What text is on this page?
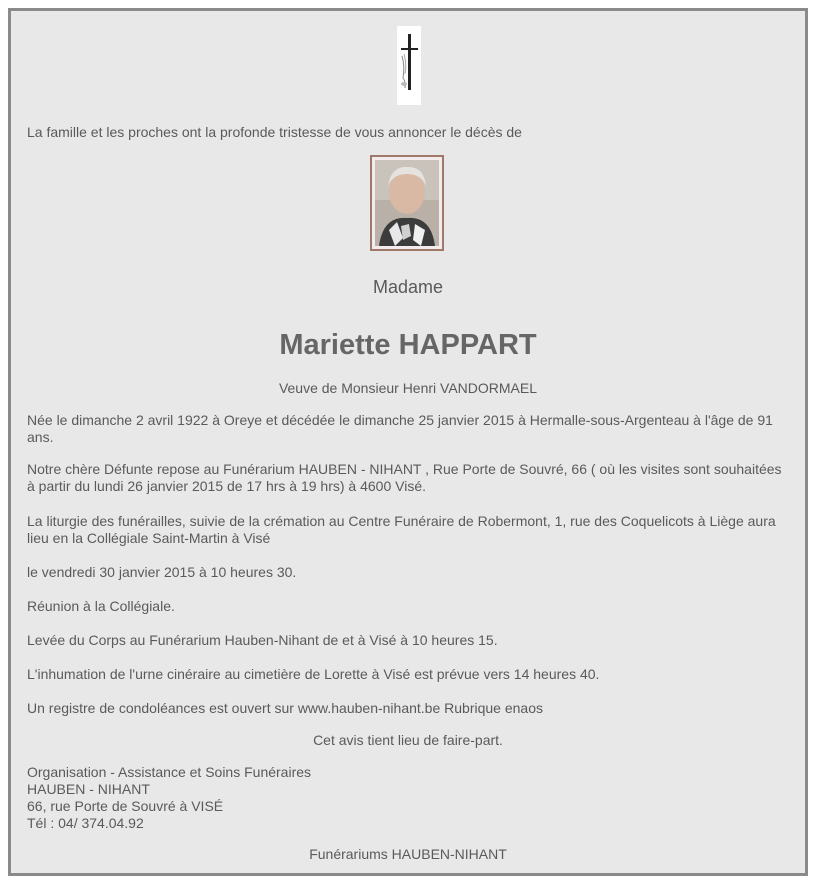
La famille et les proches ont la profonde tristesse de vous annoncer le décès de
Madame
Mariette HAPPART
Veuve de Monsieur Henri VANDORMAEL
Née le dimanche 2 avril 1922 à Oreye et décédée le dimanche 25 janvier 2015 à Hermalle-sous-Argenteau à l'âge de 91 ans.
Notre chère Défunte repose au Funérarium HAUBEN - NIHANT , Rue Porte de Souvré, 66 ( où les visites sont souhaitées à partir du lundi 26 janvier 2015 de 17 hrs à 19 hrs) à 4600 Visé.
La liturgie des funérailles, suivie de la crémation au Centre Funéraire de Robermont, 1, rue des Coquelicots à Liège aura lieu en la Collégiale Saint-Martin à Visé
le vendredi 30 janvier 2015 à 10 heures 30.
Réunion à la Collégiale.
Levée du Corps au Funérarium Hauben-Nihant de et à Visé à 10 heures 15.
L'inhumation de l'urne cinéraire au cimetière de Lorette à Visé est prévue vers 14 heures 40.
Un registre de condoléances est ouvert sur www.hauben-nihant.be Rubrique enaos
Cet avis tient lieu de faire-part.
Organisation - Assistance et Soins Funéraires
HAUBEN - NIHANT
66, rue Porte de Souvré à VISÉ
Tél : 04/ 374.04.92
Funérariums HAUBEN-NIHANT
